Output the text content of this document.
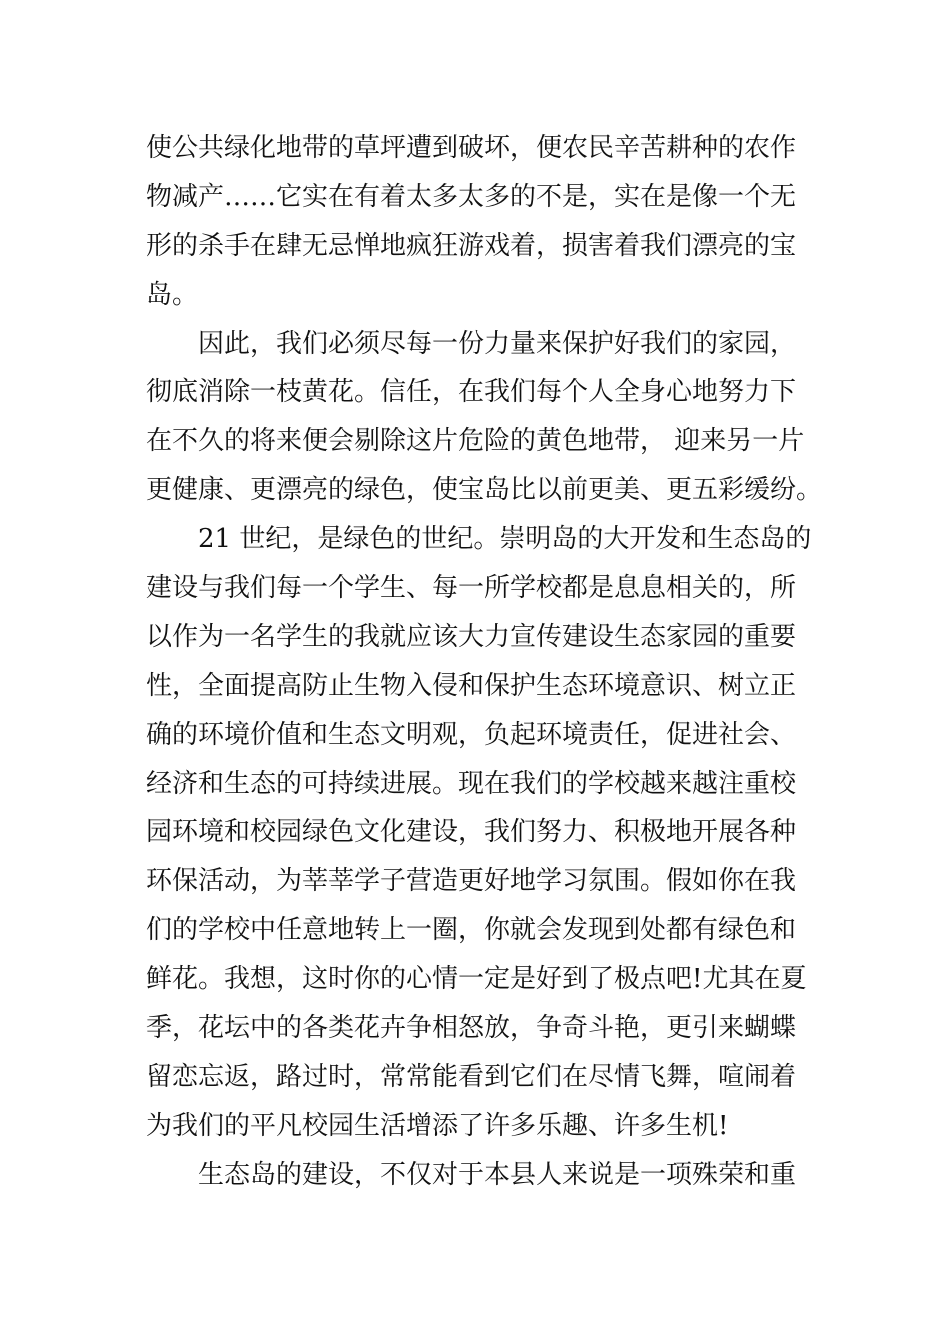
使公共绿化地带的草坪遭到破坏，便农民辛苦耕种的农作
物减产……它实在有着太多太多的不是，实在是像一个无
形的杀手在肆无忌惮地疯狂游戏着，损害着我们漂亮的宝
岛。
因此，我们必须尽每一份力量来保护好我们的家园，
彻底消除一枝黄花。信任，在我们每个人全身心地努力下
在不久的将来便会剔除这片危险的黄色地带， 迎来另一片
更健康、更漂亮的绿色，使宝岛比以前更美、更五彩缓纷。
21 世纪，是绿色的世纪。崇明岛的大开发和生态岛的
建设与我们每一个学生、每一所学校都是息息相关的，所
以作为一名学生的我就应该大力宣传建设生态家园的重要
性，全面提高防止生物入侵和保护生态环境意识、树立正
确的环境价值和生态文明观，负起环境责任，促进社会、
经济和生态的可持续进展。现在我们的学校越来越注重校
园环境和校园绿色文化建设，我们努力、积极地开展各种
环保活动，为莘莘学子营造更好地学习氛围。假如你在我
们的学校中任意地转上一圈，你就会发现到处都有绿色和
鲜花。我想，这时你的心情一定是好到了极点吧!尤其在夏
季，花坛中的各类花卉争相怒放，争奇斗艳，更引来蝴蝶
留恋忘返，路过时，常常能看到它们在尽情飞舞，喧闹着
为我们的平凡校园生活增添了许多乐趣、许多生机!
生态岛的建设，不仅对于本县人来说是一项殊荣和重
